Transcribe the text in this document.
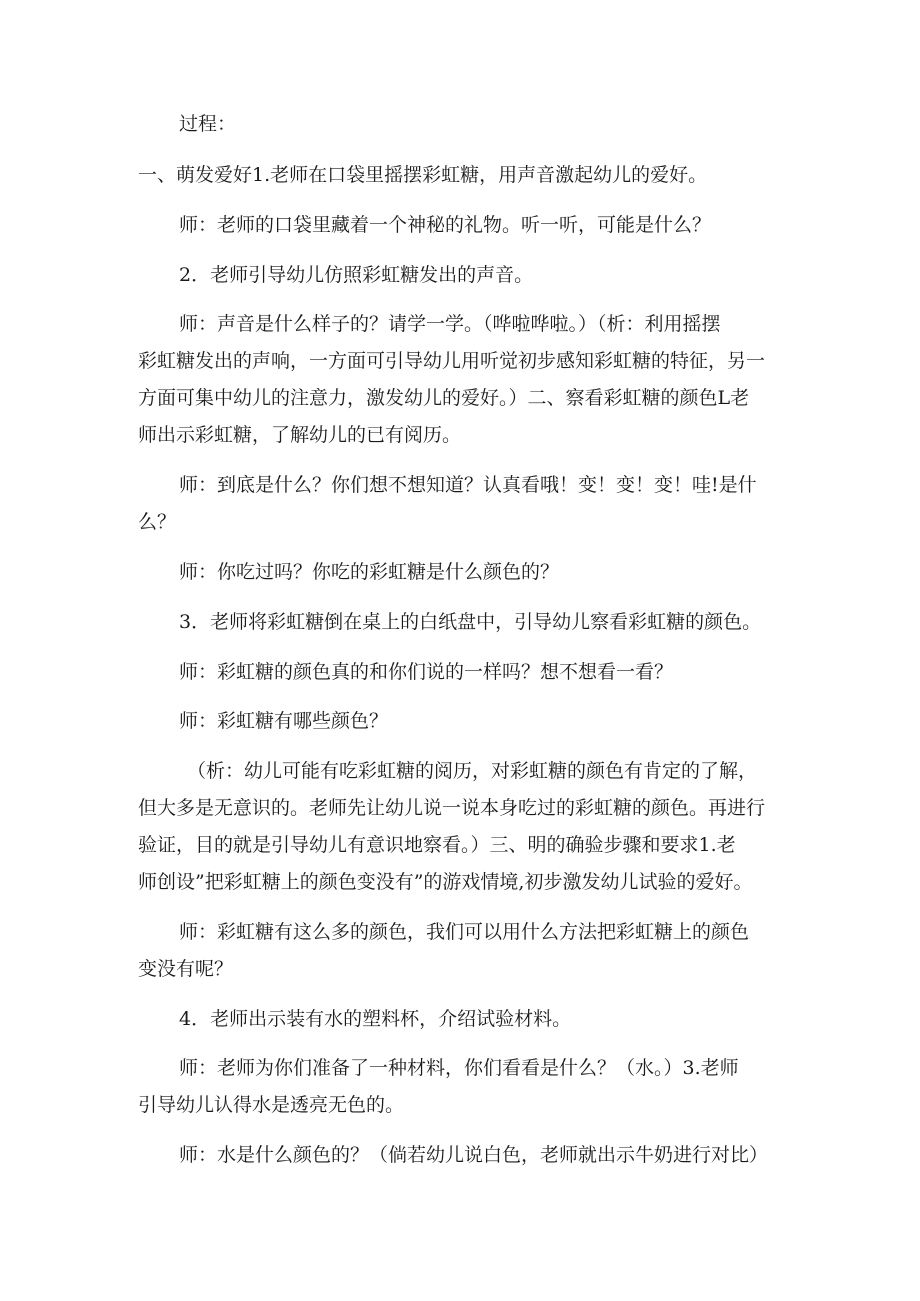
过程：

一、萌发爱好1.老师在口袋里摇摆彩虹糖，用声音激起幼儿的爱好。

师：老师的口袋里藏着一个神秘的礼物。听一听，可能是什么？

2．老师引导幼儿仿照彩虹糖发出的声音。

师：声音是什么样子的？请学一学。（哗啦哗啦。）（析：利用摇摆

彩虹糖发出的声响，一方面可引导幼儿用听觉初步感知彩虹糖的特征，另一

方面可集中幼儿的注意力，激发幼儿的爱好。）二、察看彩虹糖的颜色L老

师出示彩虹糖，了解幼儿的已有阅历。

师：到底是什么？你们想不想知道？认真看哦！变！变！变！哇!是什

么？

师：你吃过吗？你吃的彩虹糖是什么颜色的？

3．老师将彩虹糖倒在桌上的白纸盘中，引导幼儿察看彩虹糖的颜色。

师：彩虹糖的颜色真的和你们说的一样吗？想不想看一看？

师：彩虹糖有哪些颜色？

（析：幼儿可能有吃彩虹糖的阅历，对彩虹糖的颜色有肯定的了解，

但大多是无意识的。老师先让幼儿说一说本身吃过的彩虹糖的颜色。再进行

验证，目的就是引导幼儿有意识地察看。）三、明的确验步骤和要求1.老

师创设”把彩虹糖上的颜色变没有”的游戏情境,初步激发幼儿试验的爱好。

师：彩虹糖有这么多的颜色，我们可以用什么方法把彩虹糖上的颜色

变没有呢？

4．老师出示装有水的塑料杯，介绍试验材料。

师：老师为你们准备了一种材料，你们看看是什么？（水。）3.老师

引导幼儿认得水是透亮无色的。

师：水是什么颜色的？（倘若幼儿说白色，老师就出示牛奶进行对比）
